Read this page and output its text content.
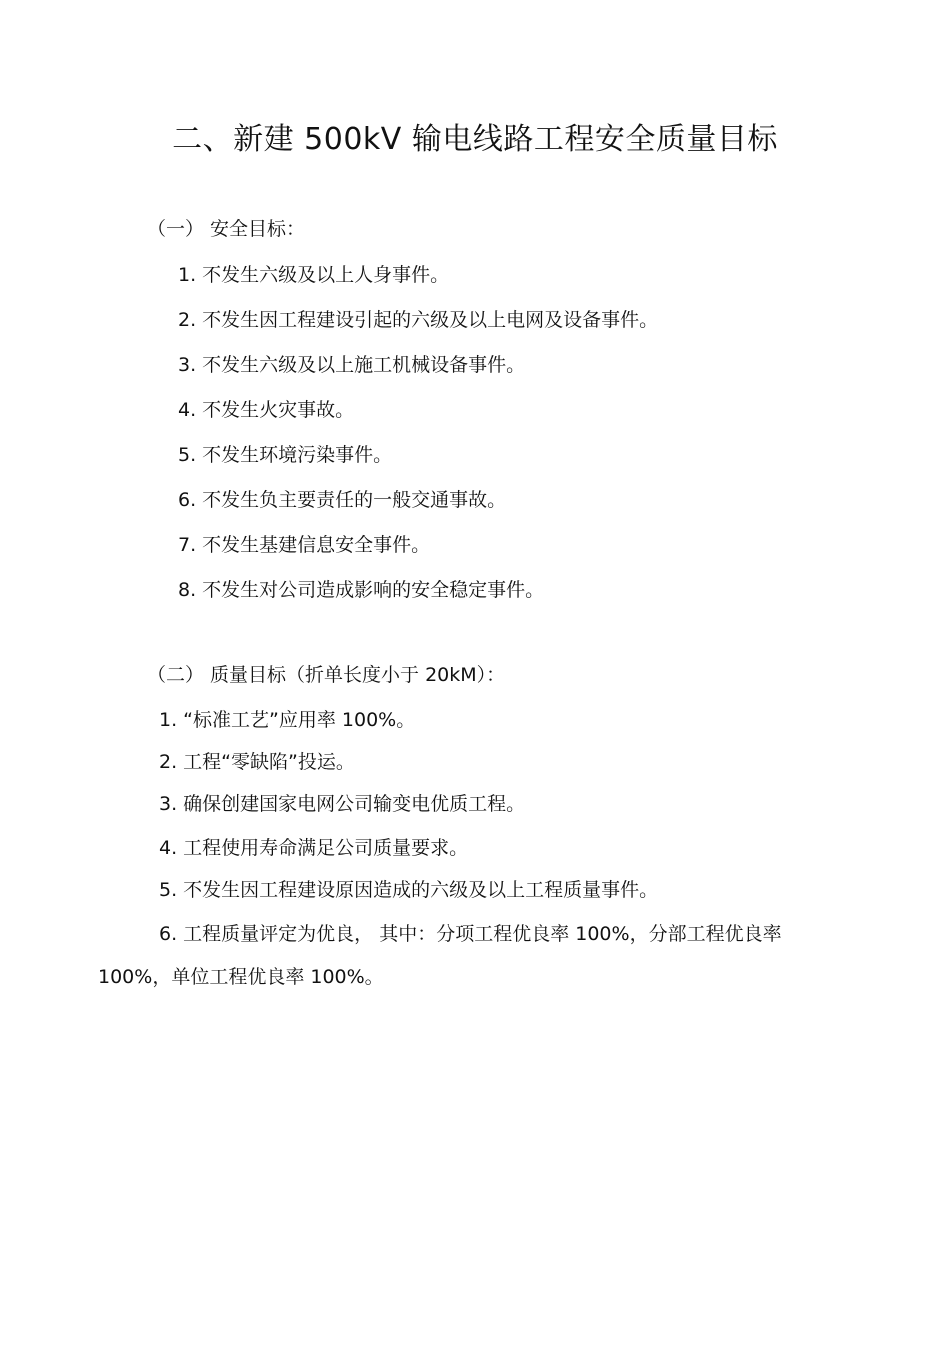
二、新建 500kV 输电线路工程安全质量目标
（一） 安全目标：
1. 不发生六级及以上人身事件。
2. 不发生因工程建设引起的六级及以上电网及设备事件。
3. 不发生六级及以上施工机械设备事件。
4. 不发生火灾事故。
5. 不发生环境污染事件。
6. 不发生负主要责任的一般交通事故。
7. 不发生基建信息安全事件。
8. 不发生对公司造成影响的安全稳定事件。
（二） 质量目标（折单长度小于 20kM）：
1. “标准工艺”应用率 100%。
2. 工程“零缺陷”投运。
3. 确保创建国家电网公司输变电优质工程。
4. 工程使用寿命满足公司质量要求。
5. 不发生因工程建设原因造成的六级及以上工程质量事件。
6. 工程质量评定为优良， 其中：分项工程优良率 100%，分部工程优良率
100%，单位工程优良率 100%。
